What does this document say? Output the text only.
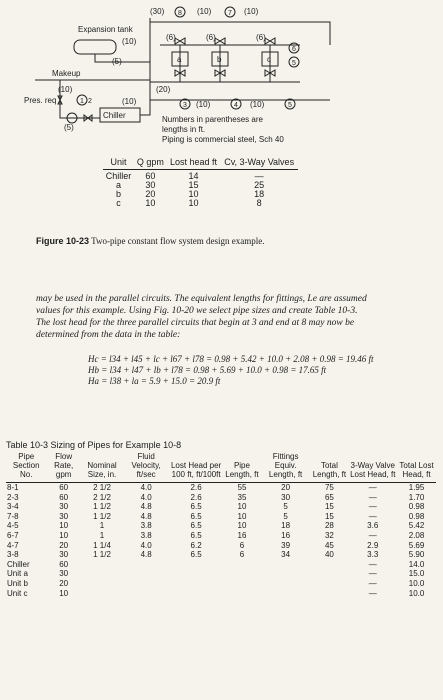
Expansion tank
Makeup
Pres. req
Chiller
(30)	(10)	(10)
(10)
(5)
(6)	(6)	(6)
(20)
(10)
(10)
(5)
(10)	(10)
a	b	c
8	7
6
5
3	4	5
1 2
Numbers in parentheses are
lengths in ft.
Piping is commercial steel, Sch 40
Unit	Q gpm	Lost head ft	Cv, 3-Way Valves
Chiller	60	14	—
a	30	15	25
b	20	10	18
c	10	10	8
Figure 10-23 Two-pipe constant flow system design example.
may be used in the parallel circuits. The equivalent lengths for fittings, Le are assumed
values for this example. Using Fig. 10-20 we select pipe sizes and create Table 10-3.
The lost head for the three parallel circuits that begin at 3 and end at 8 may now be
determined from the data in the table:
Hc = l34 + l45 + lc + l67 + l78 = 0.98 + 5.42 + 10.0 + 2.08 + 0.98 = 19.46 ft
Hb = l34 + l47 + lb + l78 = 0.98 + 5.69 + 10.0 + 0.98 = 17.65 ft
Ha = l38 + la = 5.9 + 15.0 = 20.9 ft
Table 10-3 Sizing of Pipes for Example 10-8
Pipe Section No.	Flow Rate, gpm	Nominal Size, in.	Fluid Velocity, ft/sec	Lost Head per 100 ft, ft/100ft	Pipe Length, ft	Fittings Equiv. Length, ft	Total Length, ft	3-Way Valve Lost Head, ft	Total Lost Head, ft
8-1	60	2 1/2	4.0	2.6	55	20	75	—	1.95
2-3	60	2 1/2	4.0	2.6	35	30	65	—	1.70
3-4	30	1 1/2	4.8	6.5	10	5	15	—	0.98
7-8	30	1 1/2	4.8	6.5	10	5	15	—	0.98
4-5	10	1	3.8	6.5	10	18	28	3.6	5.42
6-7	10	1	3.8	6.5	16	16	32	—	2.08
4-7	20	1 1/4	4.0	6.2	6	39	45	2.9	5.69
3-8	30	1 1/2	4.8	6.5	6	34	40	3.3	5.90
Chiller	60							—	14.0
Unit a	30							—	15.0
Unit b	20							—	10.0
Unit c	10							—	10.0
